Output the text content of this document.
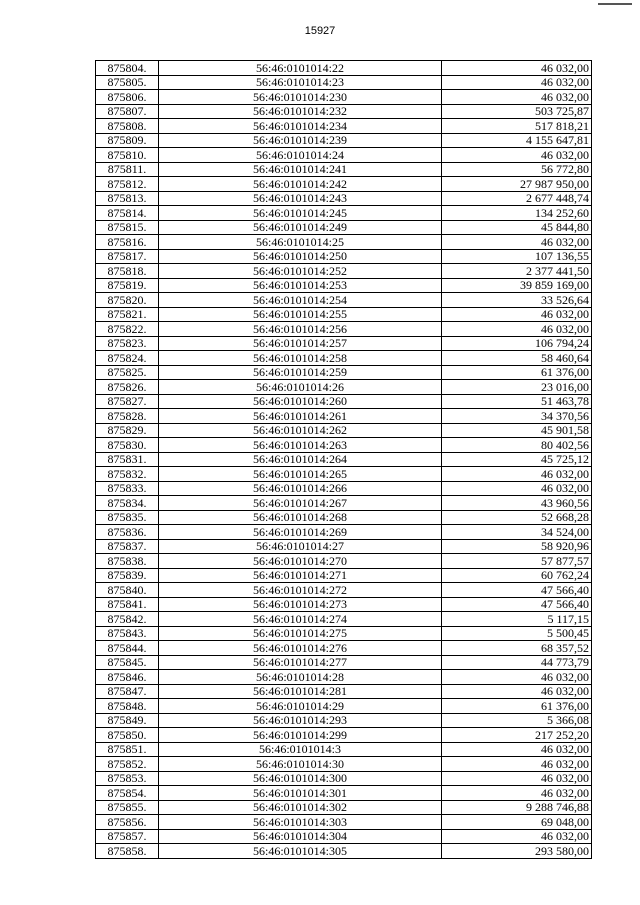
15927
875804.	56:46:0101014:22	46 032,00
875805.	56:46:0101014:23	46 032,00
875806.	56:46:0101014:230	46 032,00
875807.	56:46:0101014:232	503 725,87
875808.	56:46:0101014:234	517 818,21
875809.	56:46:0101014:239	4 155 647,81
875810.	56:46:0101014:24	46 032,00
875811.	56:46:0101014:241	56 772,80
875812.	56:46:0101014:242	27 987 950,00
875813.	56:46:0101014:243	2 677 448,74
875814.	56:46:0101014:245	134 252,60
875815.	56:46:0101014:249	45 844,80
875816.	56:46:0101014:25	46 032,00
875817.	56:46:0101014:250	107 136,55
875818.	56:46:0101014:252	2 377 441,50
875819.	56:46:0101014:253	39 859 169,00
875820.	56:46:0101014:254	33 526,64
875821.	56:46:0101014:255	46 032,00
875822.	56:46:0101014:256	46 032,00
875823.	56:46:0101014:257	106 794,24
875824.	56:46:0101014:258	58 460,64
875825.	56:46:0101014:259	61 376,00
875826.	56:46:0101014:26	23 016,00
875827.	56:46:0101014:260	51 463,78
875828.	56:46:0101014:261	34 370,56
875829.	56:46:0101014:262	45 901,58
875830.	56:46:0101014:263	80 402,56
875831.	56:46:0101014:264	45 725,12
875832.	56:46:0101014:265	46 032,00
875833.	56:46:0101014:266	46 032,00
875834.	56:46:0101014:267	43 960,56
875835.	56:46:0101014:268	52 668,28
875836.	56:46:0101014:269	34 524,00
875837.	56:46:0101014:27	58 920,96
875838.	56:46:0101014:270	57 877,57
875839.	56:46:0101014:271	60 762,24
875840.	56:46:0101014:272	47 566,40
875841.	56:46:0101014:273	47 566,40
875842.	56:46:0101014:274	5 117,15
875843.	56:46:0101014:275	5 500,45
875844.	56:46:0101014:276	68 357,52
875845.	56:46:0101014:277	44 773,79
875846.	56:46:0101014:28	46 032,00
875847.	56:46:0101014:281	46 032,00
875848.	56:46:0101014:29	61 376,00
875849.	56:46:0101014:293	5 366,08
875850.	56:46:0101014:299	217 252,20
875851.	56:46:0101014:3	46 032,00
875852.	56:46:0101014:30	46 032,00
875853.	56:46:0101014:300	46 032,00
875854.	56:46:0101014:301	46 032,00
875855.	56:46:0101014:302	9 288 746,88
875856.	56:46:0101014:303	69 048,00
875857.	56:46:0101014:304	46 032,00
875858.	56:46:0101014:305	293 580,00
